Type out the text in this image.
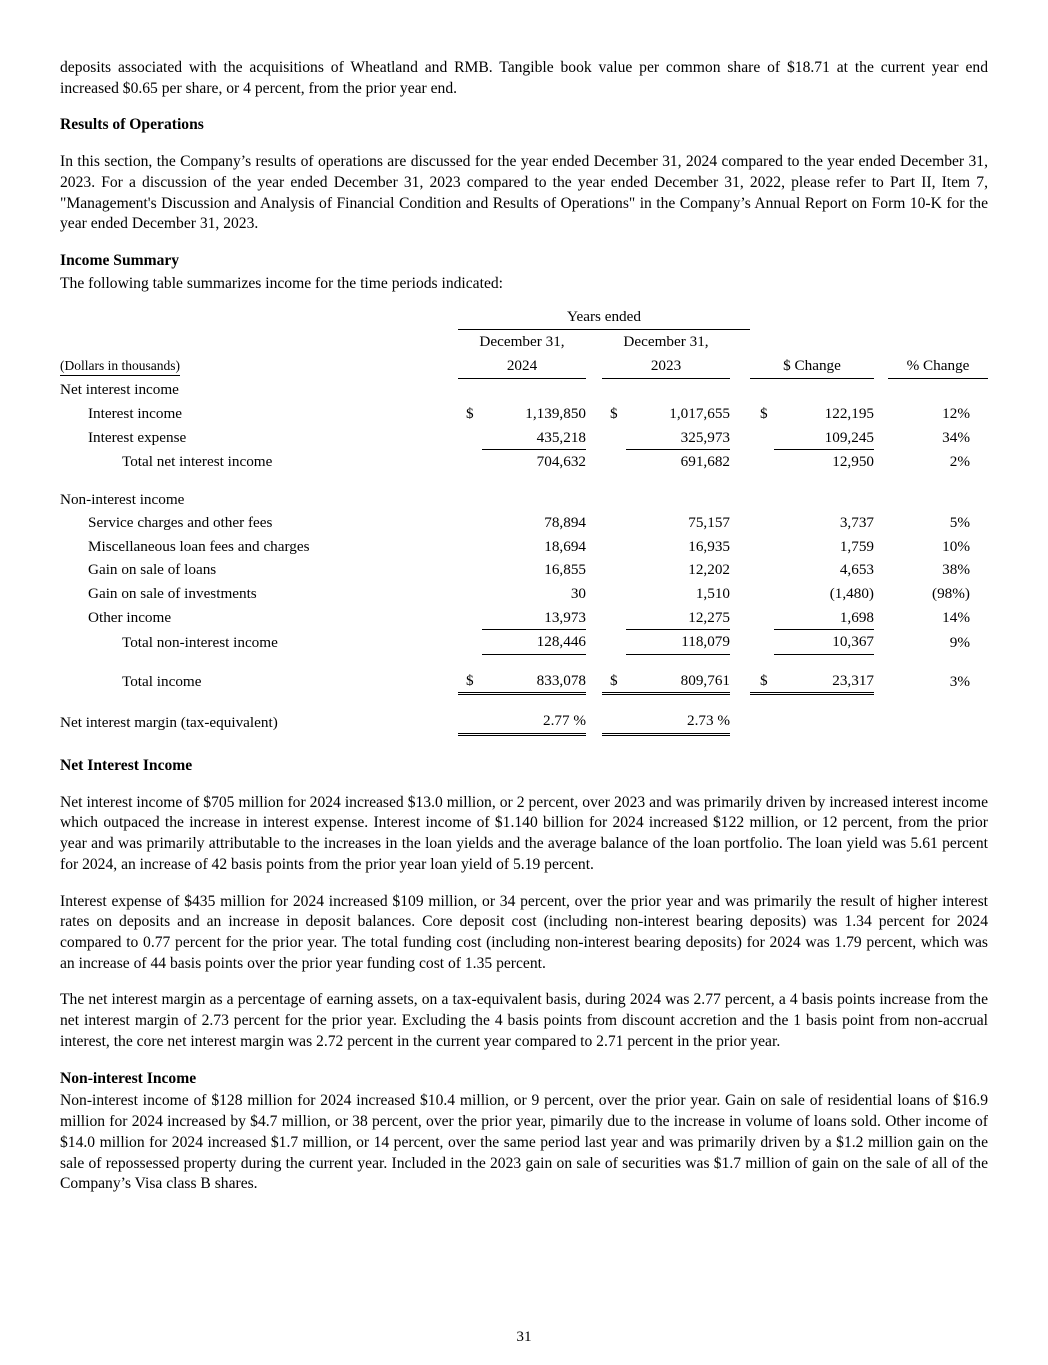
deposits associated with the acquisitions of Wheatland and RMB. Tangible book value per common share of $18.71 at the current year end increased $0.65 per share, or 4 percent, from the prior year end.

Results of Operations

In this section, the Company’s results of operations are discussed for the year ended December 31, 2024 compared to the year ended December 31, 2023. For a discussion of the year ended December 31, 2023 compared to the year ended December 31, 2022, please refer to Part II, Item 7, "Management's Discussion and Analysis of Financial Condition and Results of Operations" in the Company’s Annual Report on Form 10-K for the year ended December 31, 2023.

Income Summary

The following table summarizes income for the time periods indicated:

	Years ended									
	December 31,			December 31,						
(Dollars in thousands)	2024			2023			$ Change			% Change
Net interest income										
Interest income	$	1,139,850		$	1,017,655		$	122,195		12%
Interest expense		435,218			325,973			109,245		34%
Total net interest income		704,632			691,682			12,950		2%

Non-interest income										
Service charges and other fees		78,894			75,157			3,737		5%
Miscellaneous loan fees and charges		18,694			16,935			1,759		10%
Gain on sale of loans		16,855			12,202			4,653		38%
Gain on sale of investments		30			1,510			(1,480)		(98%)
Other income		13,973			12,275			1,698		14%
Total non-interest income		128,446			118,079			10,367		9%

Total income	$	833,078		$	809,761		$	23,317		3%

Net interest margin (tax-equivalent)		2.77 %			2.73 %					

Net Interest Income

Net interest income of $705 million for 2024 increased $13.0 million, or 2 percent, over 2023 and was primarily driven by increased interest income which outpaced the increase in interest expense. Interest income of $1.140 billion for 2024 increased $122 million, or 12 percent, from the prior year and was primarily attributable to the increases in the loan yields and the average balance of the loan portfolio. The loan yield was 5.61 percent for 2024, an increase of 42 basis points from the prior year loan yield of 5.19 percent.

Interest expense of $435 million for 2024 increased $109 million, or 34 percent, over the prior year and was primarily the result of higher interest rates on deposits and an increase in deposit balances. Core deposit cost (including non-interest bearing deposits) was 1.34 percent for 2024 compared to 0.77 percent for the prior year. The total funding cost (including non-interest bearing deposits) for 2024 was 1.79 percent, which was an increase of 44 basis points over the prior year funding cost of 1.35 percent.

The net interest margin as a percentage of earning assets, on a tax-equivalent basis, during 2024 was 2.77 percent, a 4 basis points increase from the net interest margin of 2.73 percent for the prior year. Excluding the 4 basis points from discount accretion and the 1 basis point from non-accrual interest, the core net interest margin was 2.72 percent in the current year compared to 2.71 percent in the prior year.

Non-interest Income

Non-interest income of $128 million for 2024 increased $10.4 million, or 9 percent, over the prior year. Gain on sale of residential loans of $16.9 million for 2024 increased by $4.7 million, or 38 percent, over the prior year, pimarily due to the increase in volume of loans sold. Other income of $14.0 million for 2024 increased $1.7 million, or 14 percent, over the same period last year and was primarily driven by a $1.2 million gain on the sale of repossessed property during the current year. Included in the 2023 gain on sale of securities was $1.7 million of gain on the sale of all of the Company’s Visa class B shares.

31
